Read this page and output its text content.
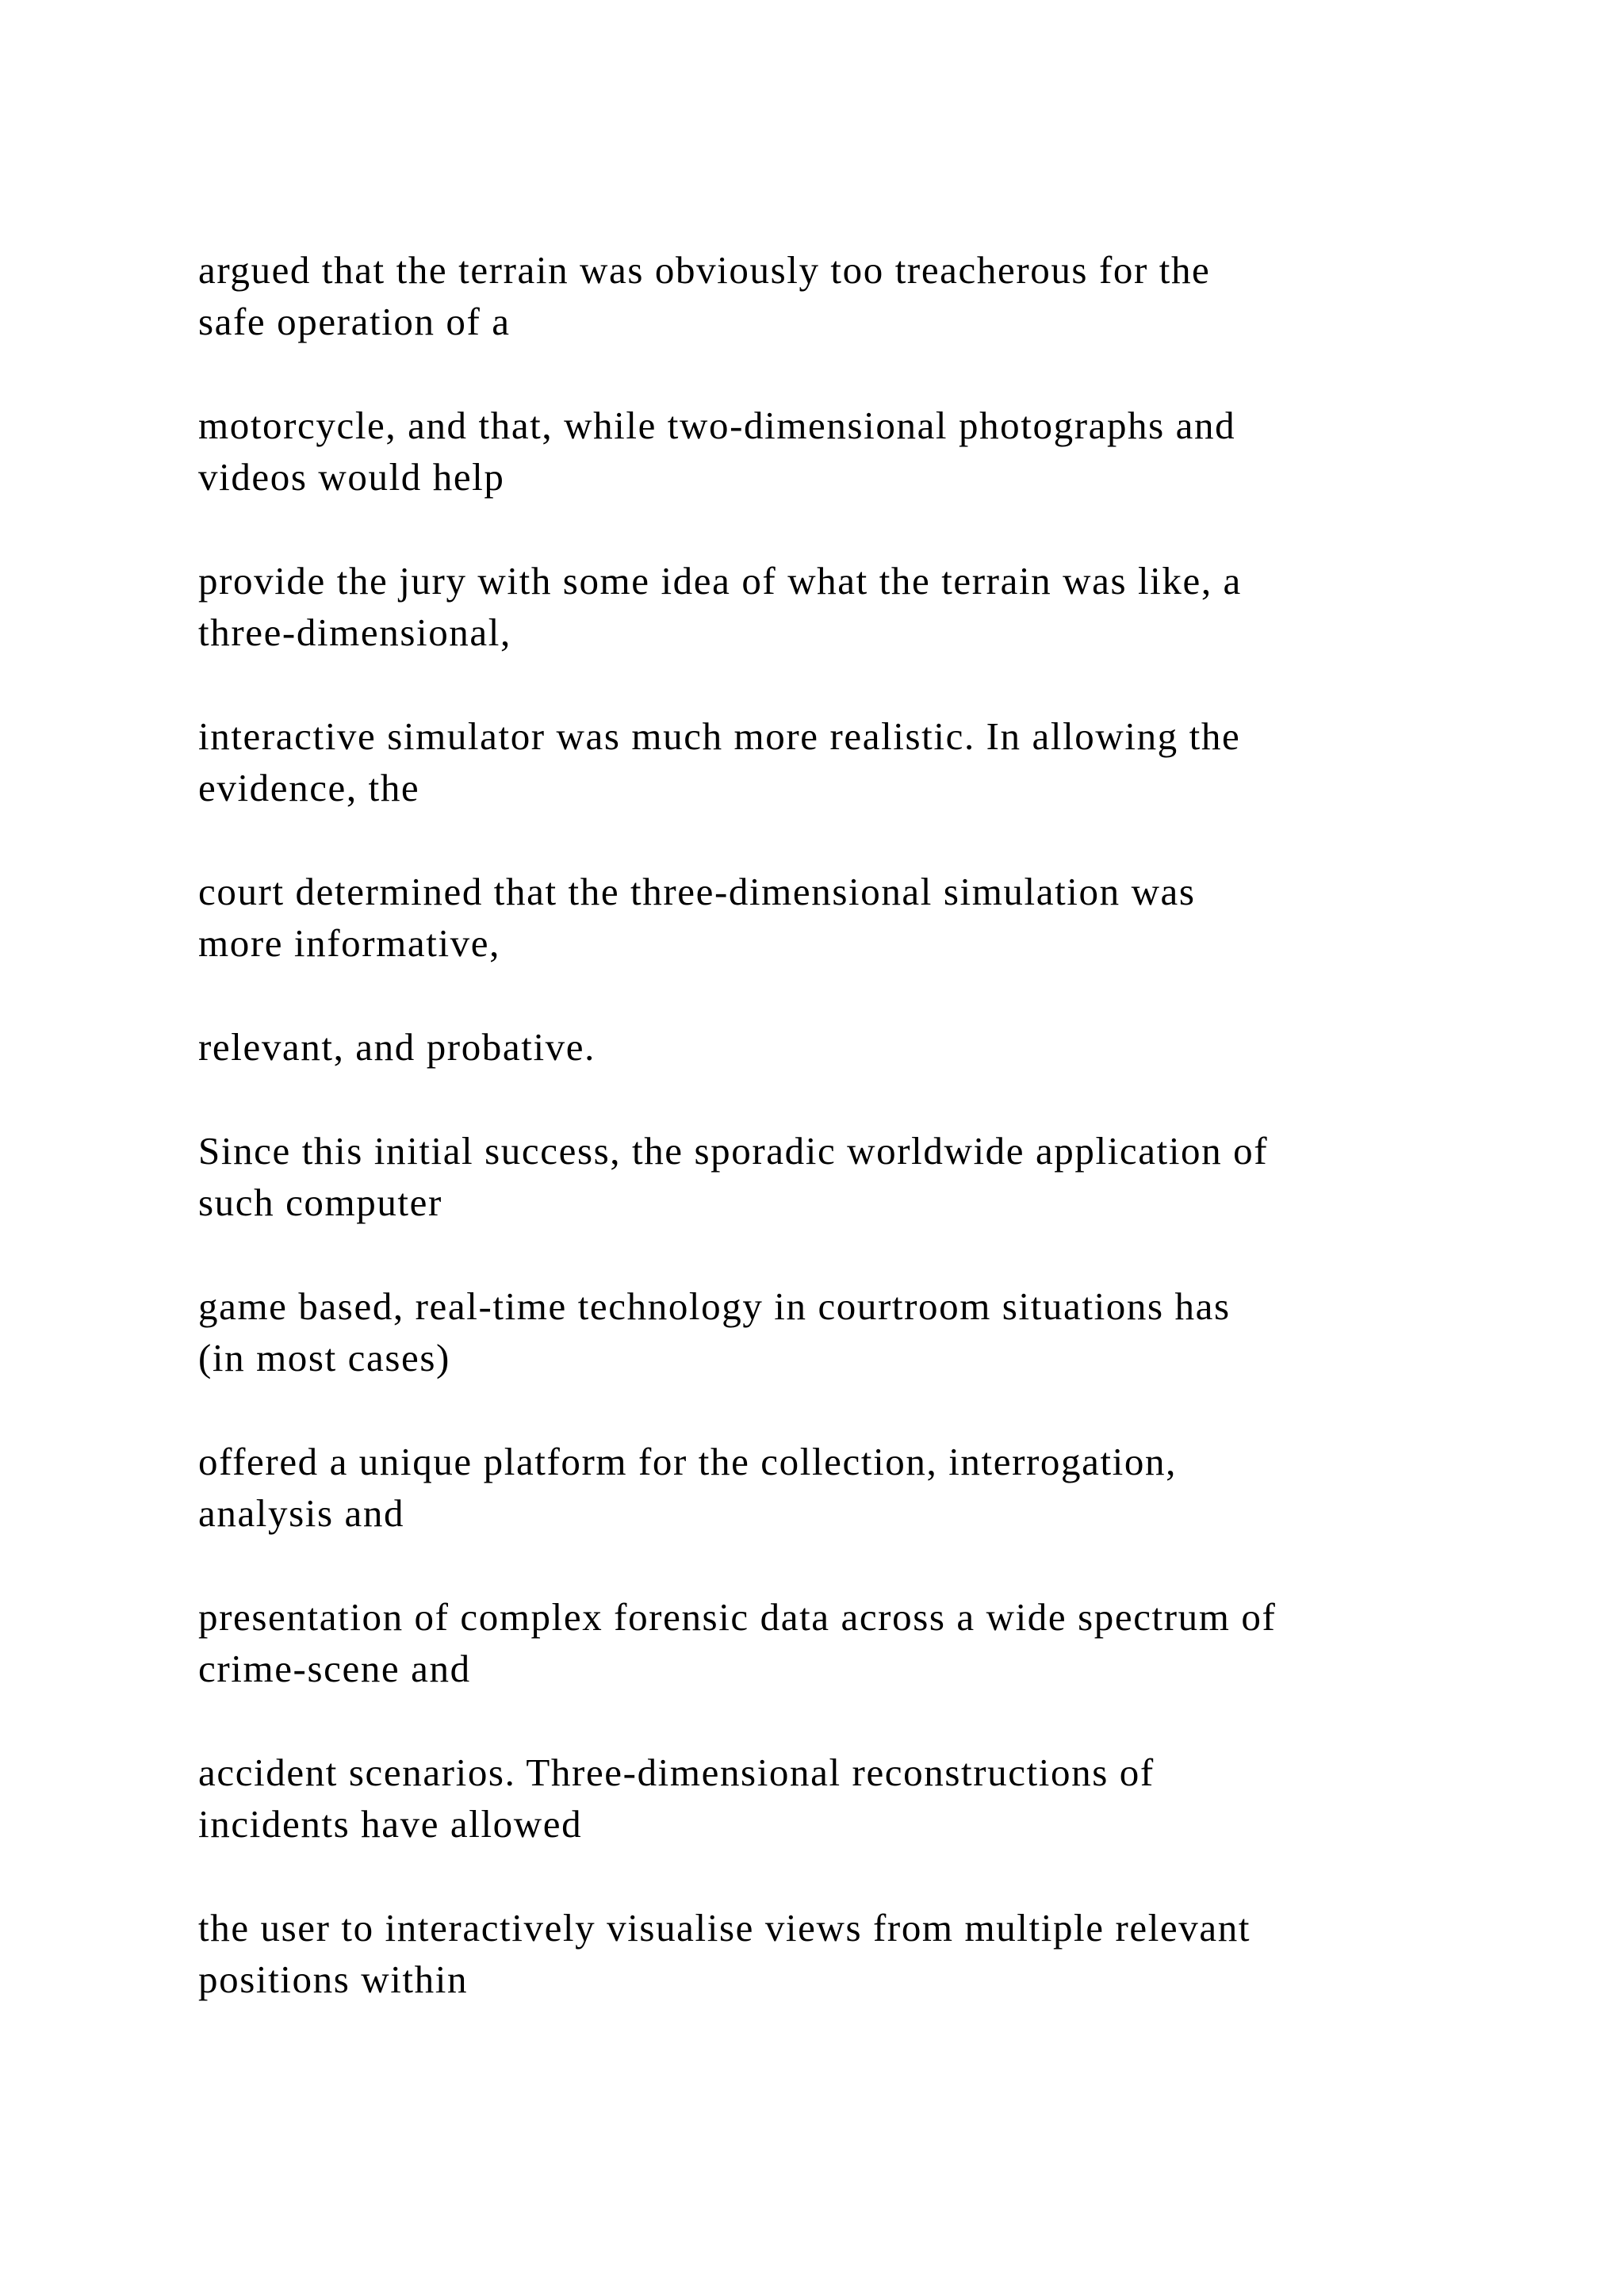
argued that the terrain was obviously too treacherous for the
safe operation of a

motorcycle, and that, while two-dimensional photographs and
videos would help

provide the jury with some idea of what the terrain was like, a
three-dimensional,

interactive simulator was much more realistic. In allowing the
evidence, the

court determined that the three-dimensional simulation was
more informative,

relevant, and probative.

Since this initial success, the sporadic worldwide application of
such computer

game based, real-time technology in courtroom situations has
(in most cases)

offered a unique platform for the collection, interrogation,
analysis and

presentation of complex forensic data across a wide spectrum of
crime-scene and

accident scenarios. Three-dimensional reconstructions of
incidents have allowed

the user to interactively visualise views from multiple relevant
positions within
